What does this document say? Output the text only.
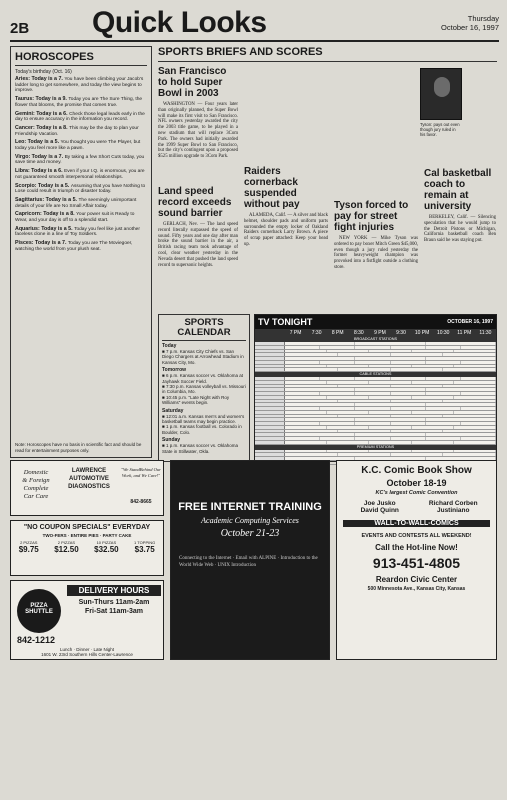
2B Quick Looks	Thursday
October 16, 1997
HOROSCOPES
Today's birthday (Oct. 16)
Aries: Today is a 7. You have been climbing your Jacob's ladder long to get somewhere, and today the view begins to improve.
Taurus: Today is a 9. Today you are The Sure Thing, the flower that blooms, the promise that comes true.
Gemini: Today is a 6. Check those legal leads early in the day to ensure accuracy in the information you record.
Cancer: Today is a 8. This may be the day to plan your Friendship Vacation.
Leo: Today is a 5. You thought you were The Player, but today you feel more like a pawn.
Virgo: Today is a 7. By taking a few Short Cuts today, you save time and money.
Libra: Today is a 6. Even if your I.Q. is enormous, you are not guaranteed smooth interpersonal relationships.
Scorpio: Today is a 5. Assuming that you have Nothing to Lose could result in triumph or disaster today.
Sagittarius: Today is a 5. The seemingly unimportant details of your life are No Small Affair today.
Capricorn: Today is a 8. Your power suit is Ready to Wear, and your day is off to a splendid start.
Aquarius: Today is a 5. Today you feel like just another faceless clone in a line of Toy Soldiers.
Pisces: Today is a 7. Today you are The Moviegoer, watching the world from your plush seat.
Note: Horoscopes have no basis in scientific fact and should be read for entertainment purposes only.
SPORTS BRIEFS AND SCORES
San Francisco to hold Super Bowl in 2003

WASHINGTON — Four years later than originally planned, the Super Bowl will make its first visit to San Francisco. NFL owners yesterday awarded the city the 2003 title game, to be played in a new stadium that will replace 3Com Park. The owners had initially awarded the 1999 Super Bowl to San Francisco, but the city's contingent upon a proposed $525 million upgrade to 3Com Park.

Land speed record exceeds sound barrier

GERLACH, Nev. — The land speed record literally surpassed the speed of sound. Fifty years and one day after man broke the sound barrier in the air, a British racing team took advantage of cool, clear weather yesterday in the Nevada desert that pushed the land speed record to supersonic heights.

Raiders cornerback suspended without pay

ALAMEDA, Calif. — A silver and black helmet, shoulder pads and uniform parts surrounded the empty locker of Oakland Raiders cornerback Larry Brown. A piece of scrap paper attached: Keep your head up.

Tyson forced to pay for street fight injuries

NEW YORK — Mike Tyson was ordered to pay boxer Mitch Green $45,000, even though a jury ruled yesterday the former heavyweight champion was provoked into a fistfight outside a clothing store.

Cal basketball coach to remain at university

BERKELEY, Calif. — Silencing speculation that he would jump to the Detroit Pistons or Michigan, California basketball coach Ben Braun said he was staying put.

Tyson: pays out even though jury ruled in his favor.
SPORTS CALENDAR
Today
■ 7 p.m. Kansas City Chiefs vs. San Diego Chargers at Arrowhead Stadium in Kansas City, Mo.
Tomorrow
■ 6 p.m. Kansas soccer vs. Oklahoma at Jayhawk Soccer Field.
■ 7:30 p.m. Kansas volleyball vs. Missouri in Columbia, Mo.
■ 10:45 p.m. "Late Night with Roy Williams" events begin.
Saturday
■ 12:01 a.m. Kansas men's and women's basketball teams may begin practice.
■ 1 p.m. Kansas football vs. Colorado in Boulder, Colo.
Sunday
■ 1 p.m. Kansas soccer vs. Oklahoma State in Stillwater, Okla.
OCTOBER 16, 1997
TV TONIGHT
7 PM	7:30	8 PM	8:30	9 PM	9:30	10 PM	10:30	11 PM	11:30
BROADCAST STATIONS
CABLE STATIONS
PREMIUM STATIONS
Domestic
& Foreign
Complete
Car Care
LAWRENCE AUTOMOTIVE DIAGNOSTICS
"We StandBehind Our Work, and We Care!"
842-8665
"NO COUPON SPECIALS" EVERYDAY
TWO-FERS · ENTIRE PIES · PARTY CAKE
2 PIZZAS
$9.75
2 PIZZAS
$12.50
10 PIZZAS
$32.50
1 TOPPING
$3.75
PIZZA SHUTTLE
DELIVERY HOURS
Sun-Thurs 11am-2am
Fri-Sat 11am-3am
842-1212
Lunch · Dinner · Late Night
1601 W. 23rd Southern Hills Center-Lawrence
FREE INTERNET TRAINING
Academic Computing Services
October 21-23
Connecting to the Internet · Email with ALPINE · Introduction to the World Wide Web · UNIX Introduction
K.C. Comic Book Show
October 18-19
KC's largest Comic Convention
Joe Jusko	Richard Corben
David Quinn	Justiniano
WALL-TO-WALL-COMICS
EVENTS AND CONTESTS ALL WEEKEND!
Call the Hot-line Now!
913-451-4805
Reardon Civic Center
500 Minnesota Ave., Kansas City, Kansas
